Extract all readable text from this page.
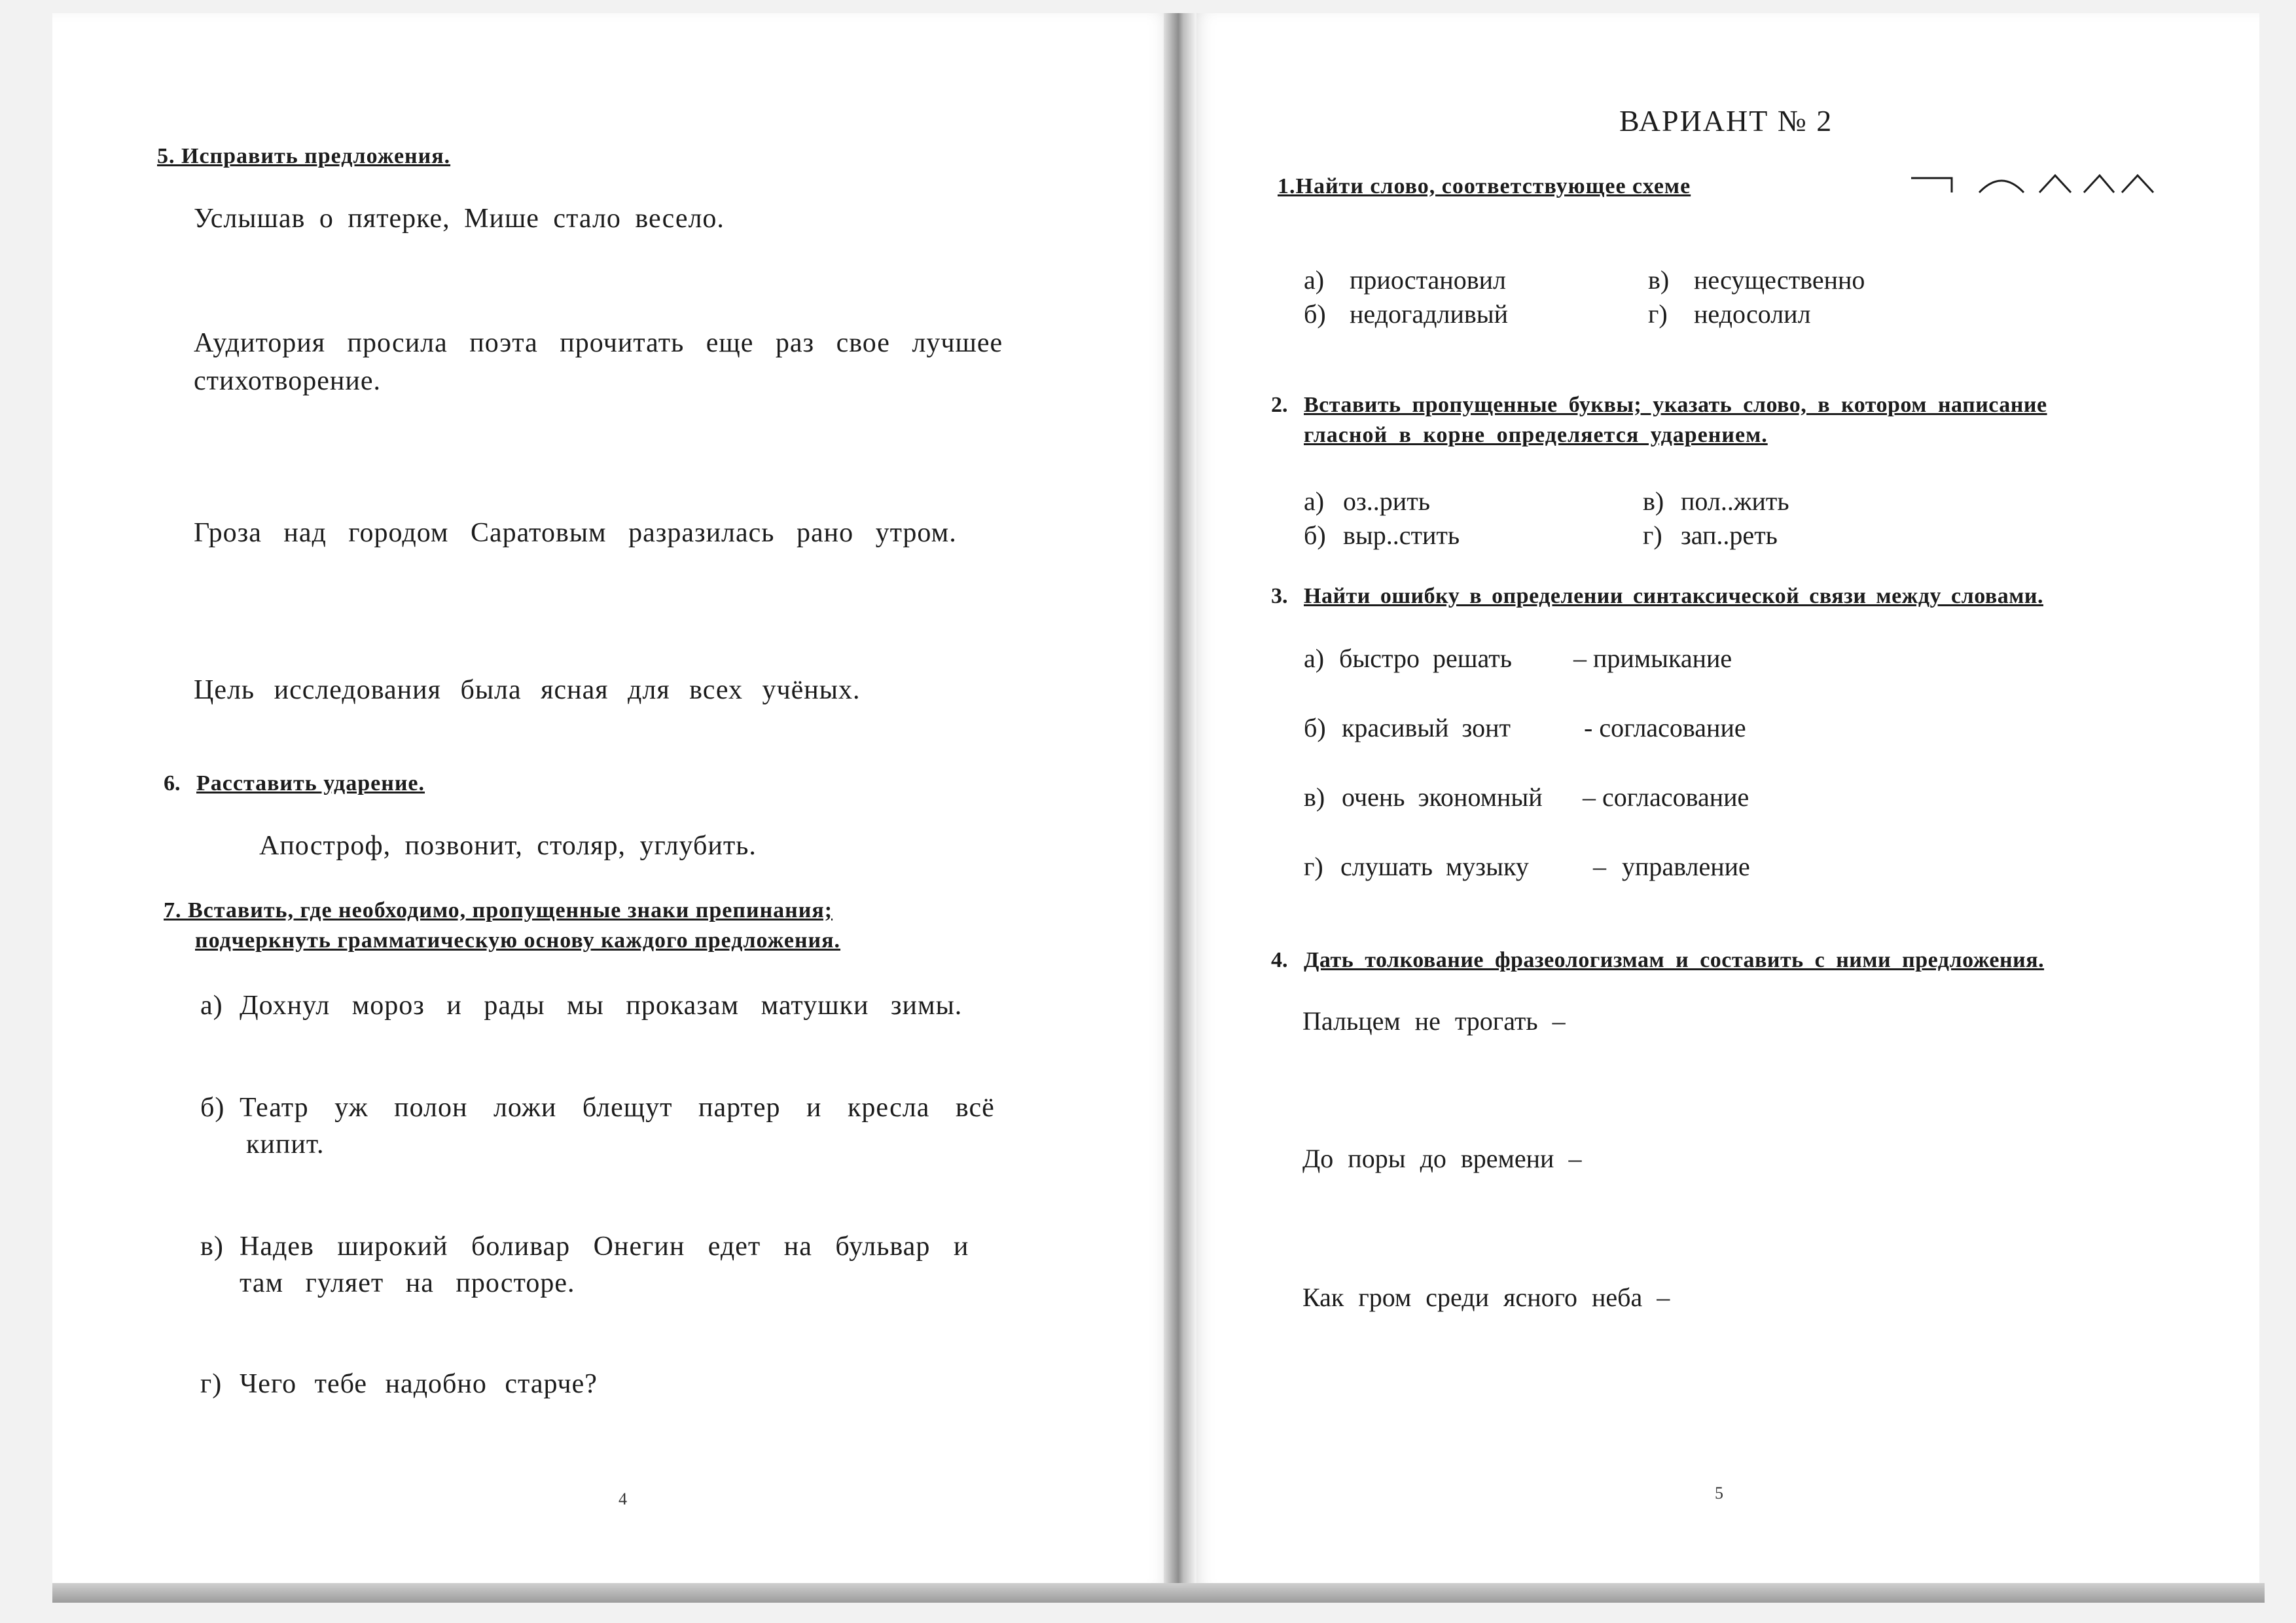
5. Исправить предложения.
Услышав о пятерке, Мише стало весело.
Аудитория просила поэта прочитать еще раз свое лучшее
стихотворение.
Гроза над городом Саратовым разразилась рано утром.
Цель исследования была ясная для всех учёных.
6. Расставить ударение.
Апостроф, позвонит, столяр, углубить.
7. Вставить, где необходимо, пропущенные знаки препинания;
подчеркнуть грамматическую основу каждого предложения.
а) Дохнул мороз и рады мы проказам матушки зимы.
б) Театр уж полон ложи блещут партер и кресла всё
кипит.
в) Надев широкий боливар Онегин едет на бульвар и
там гуляет на просторе.
г) Чего тебе надобно старче?
4
ВАРИАНТ № 2
1.Найти слово, соответствующее схеме
а) приостановил
б) недогадливый
в) несущественно
г) недосолил
2. Вставить пропущенные буквы; указать слово, в котором написание
гласной в корне определяется ударением.
а) оз..рить
б) выр..стить
в) пол..жить
г) зап..реть
3. Найти ошибку в определении синтаксической связи между словами.
а) быстро решать – примыкание
б) красивый зонт	- согласование
в) очень экономный – согласование
г) слушать музыку – управление
4. Дать толкование фразеологизмам и составить с ними предложения.
Пальцем не трогать –
До поры до времени –
Как гром среди ясного неба –
5
